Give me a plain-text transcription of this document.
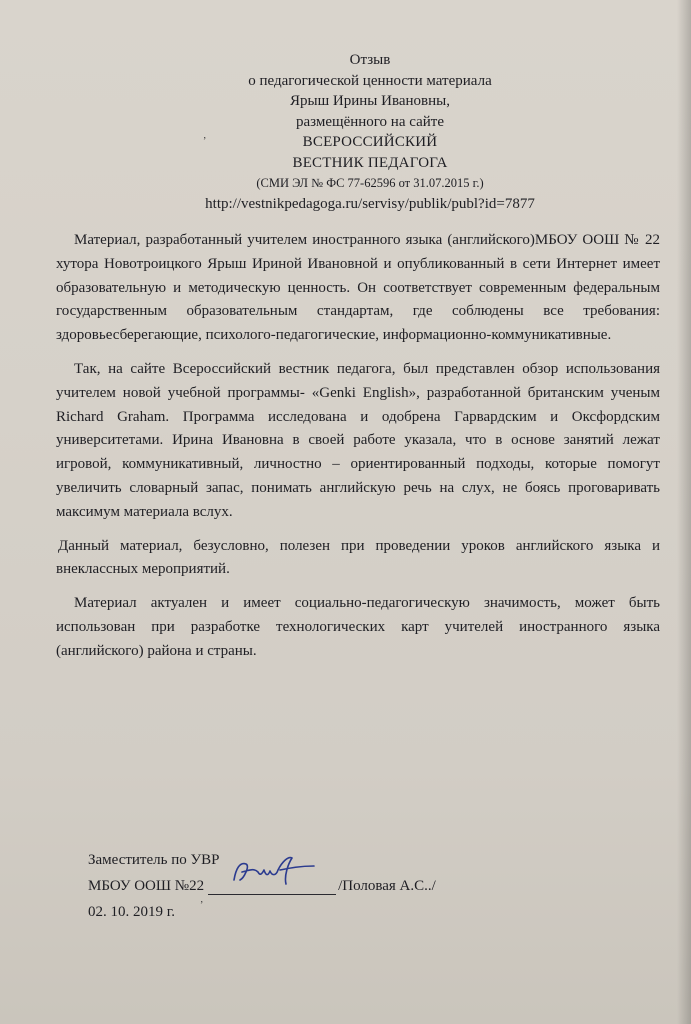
Отзыв
о педагогической ценности материала
Ярыш Ирины Ивановны,
размещённого на сайте
ВСЕРОССИЙСКИЙ
ВЕСТНИК ПЕДАГОГА
(СМИ ЭЛ № ФС 77-62596 от 31.07.2015 г.)
http://vestnikpedagoga.ru/servisy/publik/publ?id=7877

Материал, разработанный учителем иностранного языка (английского)МБОУ ООШ № 22 хутора Новотроицкого Ярыш Ириной Ивановной и опубликованный в сети Интернет имеет образовательную и методическую ценность. Он соответствует современным федеральным государственным образовательным стандартам, где соблюдены все требования: здоровьесберегающие, психолого-педагогические, информационно-коммуникативные.

Так, на сайте Всероссийский вестник педагога, был представлен обзор использования учителем новой учебной программы- «Genki English», разработанной британским ученым Richard Graham. Программа исследована и одобрена Гарвардским и Оксфордским университетами. Ирина Ивановна в своей работе указала, что в основе занятий лежат игровой, коммуникативный, личностно – ориентированный подходы, которые помогут увеличить словарный запас, понимать английскую речь на слух, не боясь проговаривать максимум материала вслух.

Данный материал, безусловно, полезен при проведении уроков английского языка и внеклассных мероприятий.

Материал актуален и имеет социально-педагогическую значимость, может быть использован при разработке технологических карт учителей иностранного языка (английского) района и страны.

Заместитель по УВР
МБОУ ООШ №22	/Половая А.С../
02. 10. 2019 г.
ʼ
ʼ
